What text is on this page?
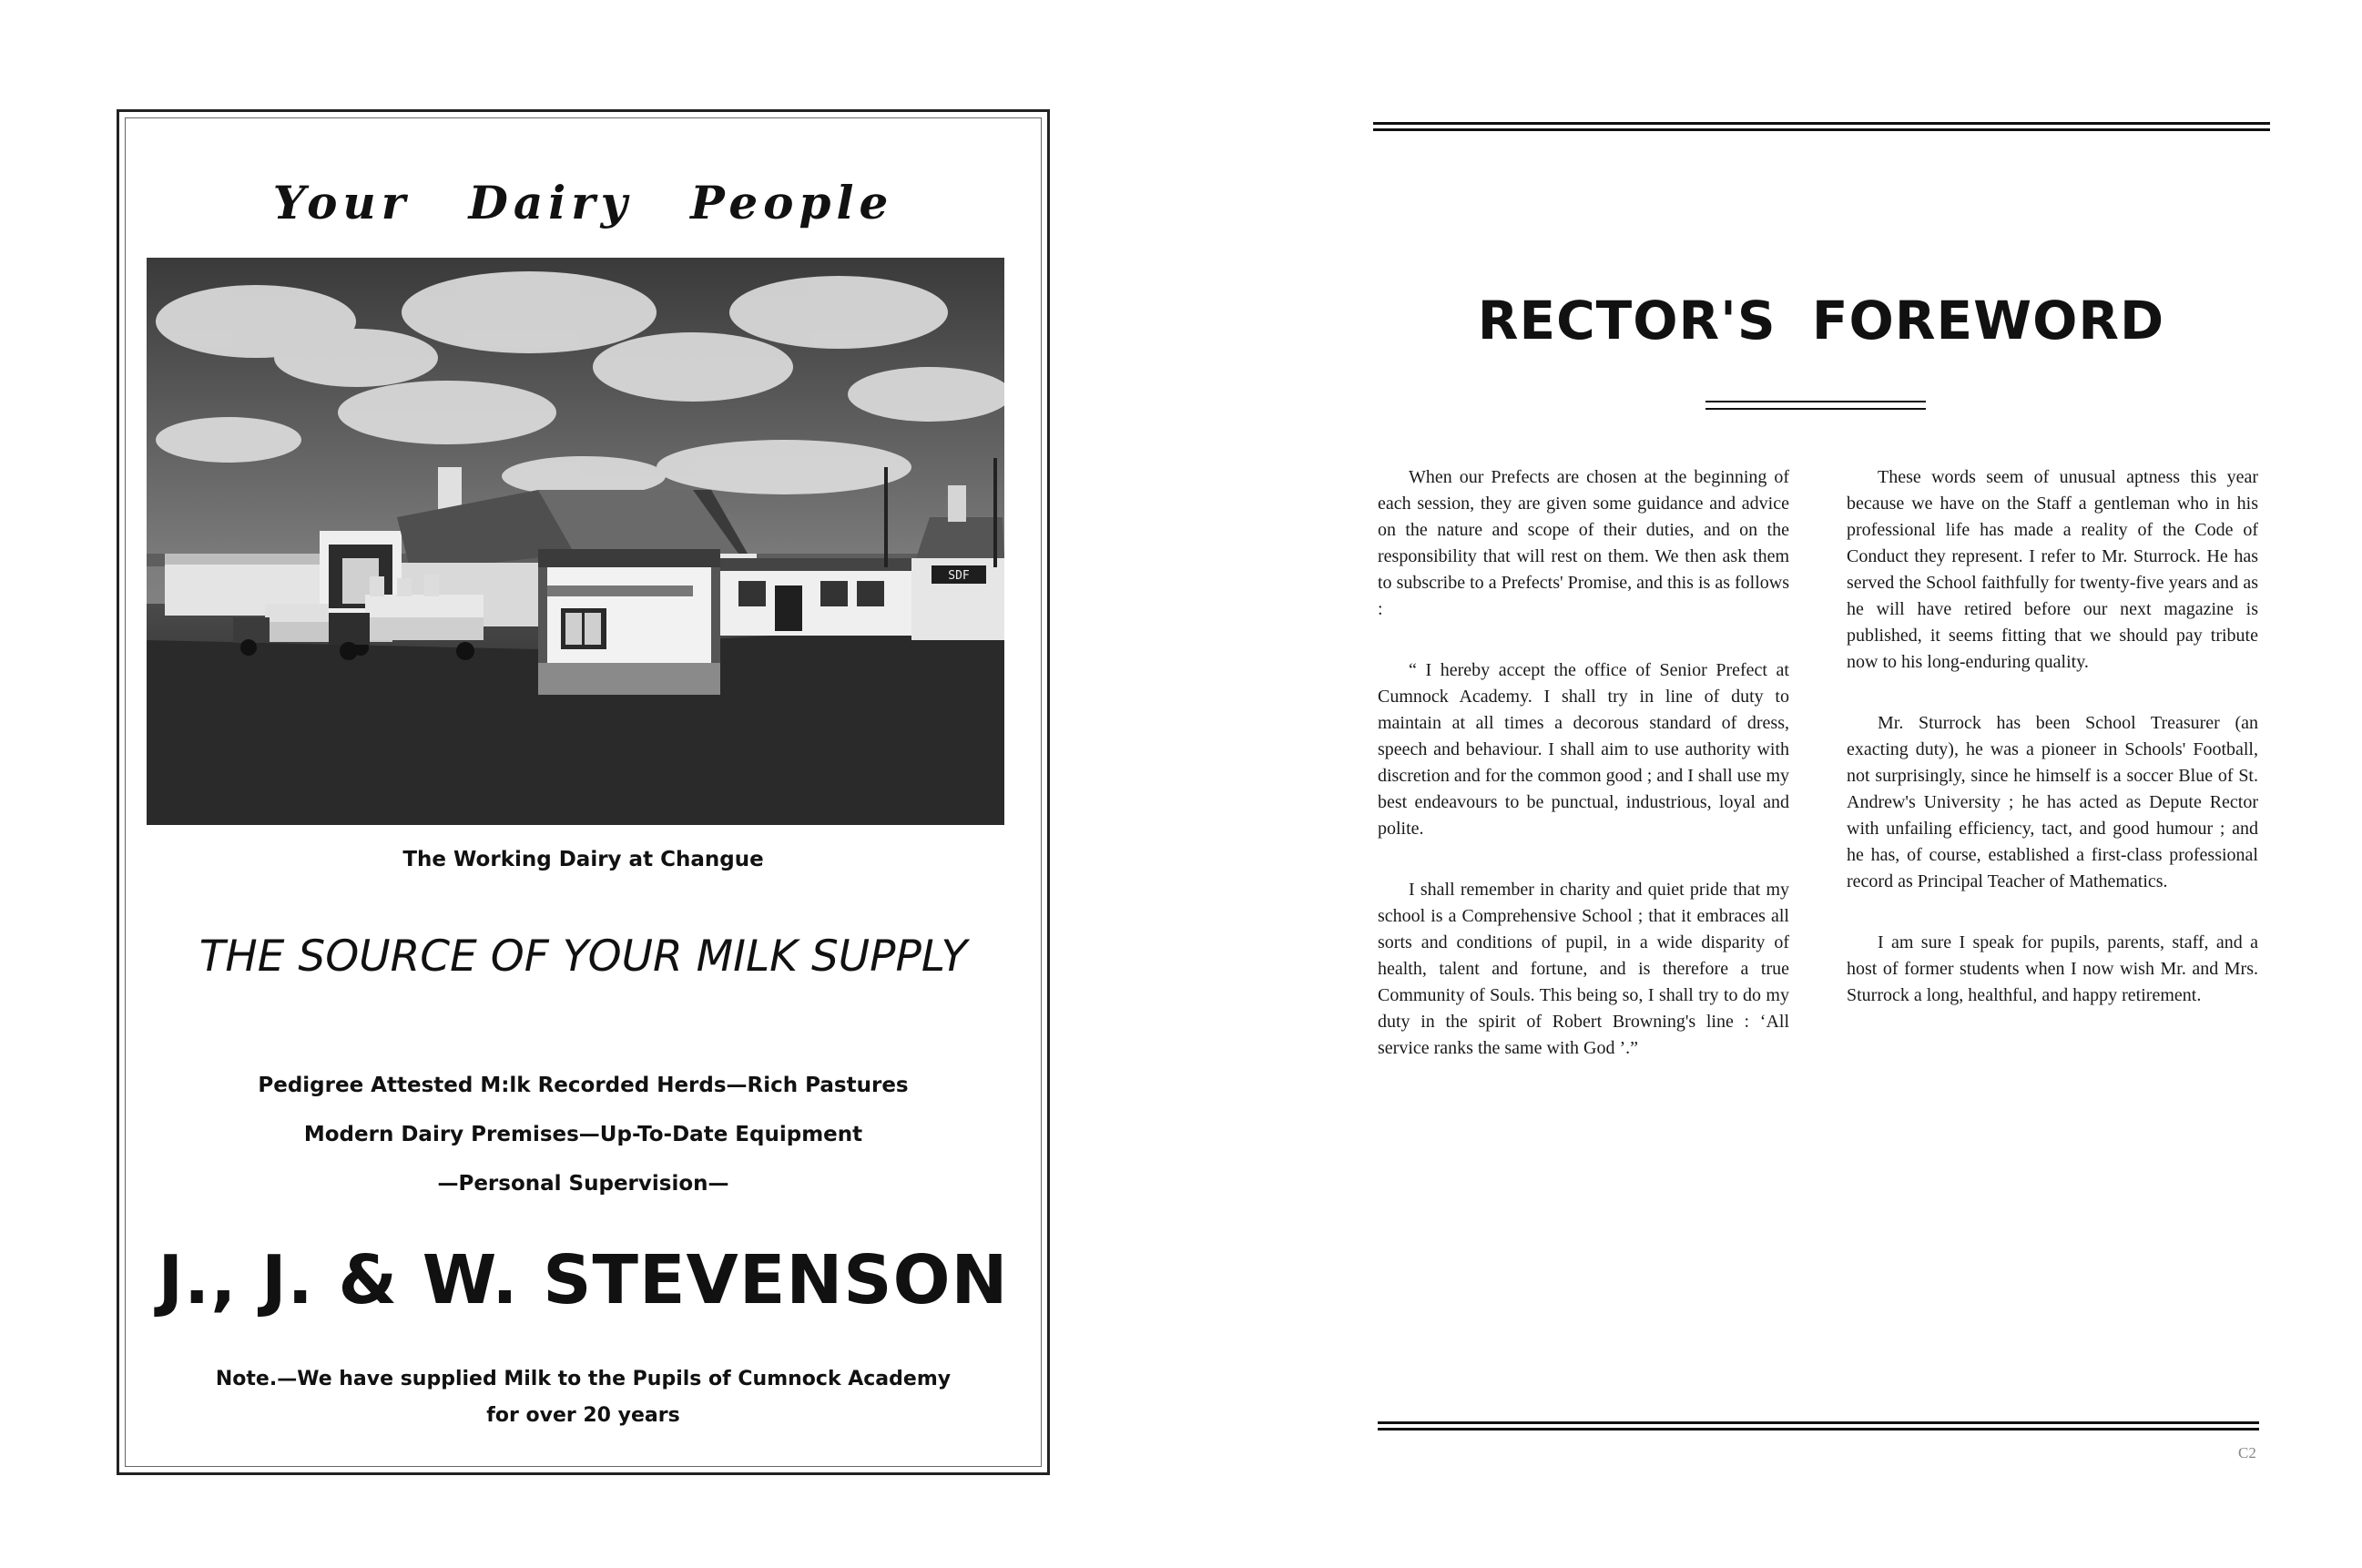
Your Dairy People
SDF
The Working Dairy at Changue
THE SOURCE OF YOUR MILK SUPPLY
Pedigree Attested M:lk Recorded Herds—Rich Pastures
Modern Dairy Premises—Up-To-Date Equipment
—Personal Supervision—
J., J. & W. STEVENSON
Note.—We have supplied Milk to the Pupils of Cumnock Academy
for over 20 years
RECTOR'S FOREWORD

When our Prefects are chosen at the beginning of each session, they are given some guidance and advice on the nature and scope of their duties, and on the responsibility that will rest on them. We then ask them to subscribe to a Prefects' Promise, and this is as follows :

“ I hereby accept the office of Senior Prefect at Cumnock Academy. I shall try in line of duty to maintain at all times a decorous standard of dress, speech and behaviour. I shall aim to use authority with discretion and for the common good ; and I shall use my best endeavours to be punctual, industrious, loyal and polite.

I shall remember in charity and quiet pride that my school is a Comprehensive School ; that it embraces all sorts and conditions of pupil, in a wide disparity of health, talent and fortune, and is therefore a true Community of Souls. This being so, I shall try to do my duty in the spirit of Robert Browning's line : ‘All service ranks the same with God ’.”

These words seem of unusual aptness this year because we have on the Staff a gentleman who in his professional life has made a reality of the Code of Conduct they represent. I refer to Mr. Sturrock. He has served the School faithfully for twenty-five years and as he will have retired before our next magazine is published, it seems fitting that we should pay tribute now to his long-enduring quality.

Mr. Sturrock has been School Treasurer (an exacting duty), he was a pioneer in Schools' Football, not surprisingly, since he himself is a soccer Blue of St. Andrew's University ; he has acted as Depute Rector with unfailing efficiency, tact, and good humour ; and he has, of course, established a first-class professional record as Principal Teacher of Mathematics.

I am sure I speak for pupils, parents, staff, and a host of former students when I now wish Mr. and Mrs. Sturrock a long, healthful, and happy retirement.

C2
